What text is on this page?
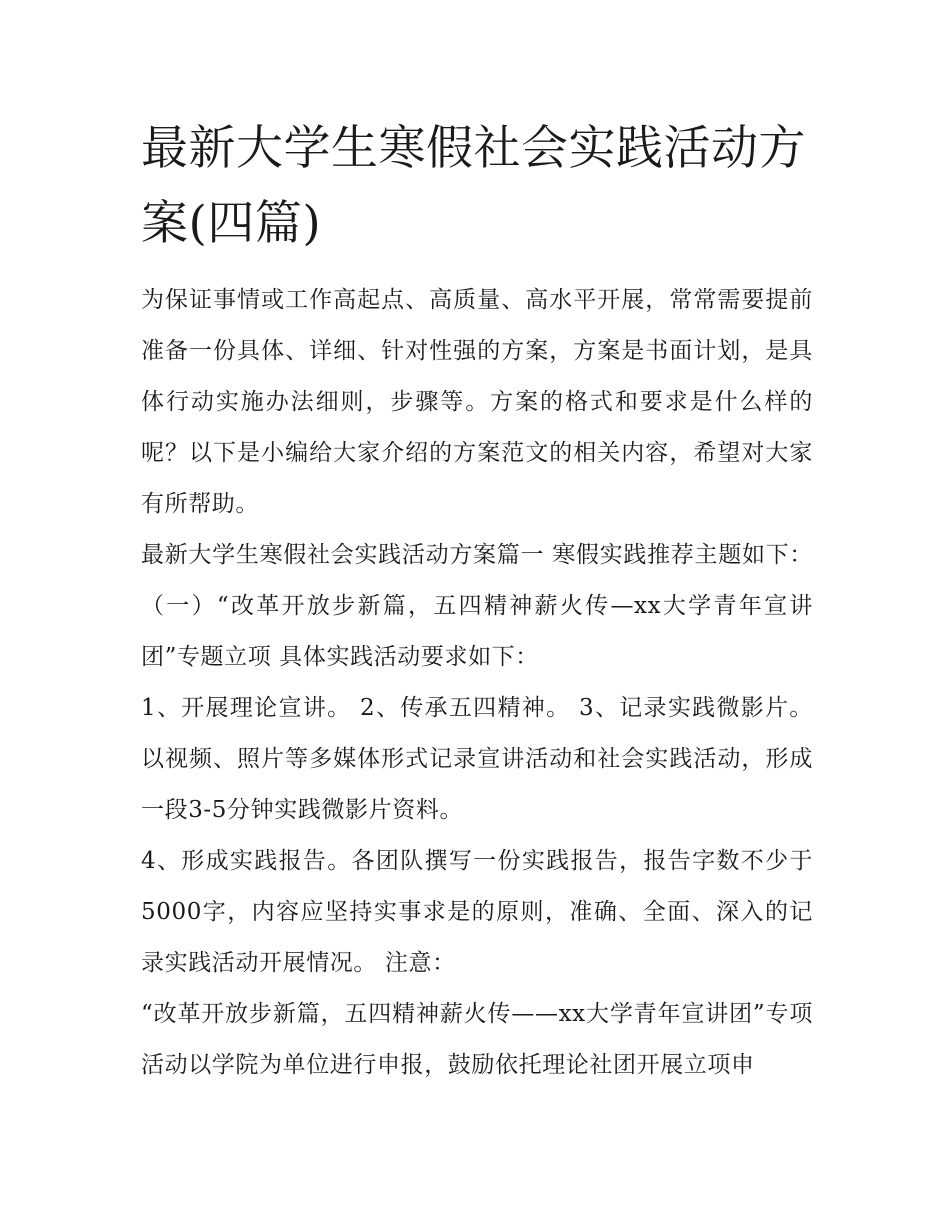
最新大学生寒假社会实践活动方案(四篇)

为保证事情或工作高起点、高质量、高水平开展，常常需要提前准备一份具体、详细、针对性强的方案，方案是书面计划，是具体行动实施办法细则，步骤等。方案的格式和要求是什么样的呢？以下是小编给大家介绍的方案范文的相关内容，希望对大家有所帮助。

最新大学生寒假社会实践活动方案篇一 寒假实践推荐主题如下：（一）“改革开放步新篇，五四精神薪火传—xx大学青年宣讲团”专题立项 具体实践活动要求如下：

1、开展理论宣讲。 2、传承五四精神。 3、记录实践微影片。以视频、照片等多媒体形式记录宣讲活动和社会实践活动，形成一段3-5分钟实践微影片资料。

4、形成实践报告。各团队撰写一份实践报告，报告字数不少于5000字，内容应坚持实事求是的原则，准确、全面、深入的记录实践活动开展情况。 注意：

“改革开放步新篇，五四精神薪火传——xx大学青年宣讲团”专项活动以学院为单位进行申报，鼓励依托理论社团开展立项申
